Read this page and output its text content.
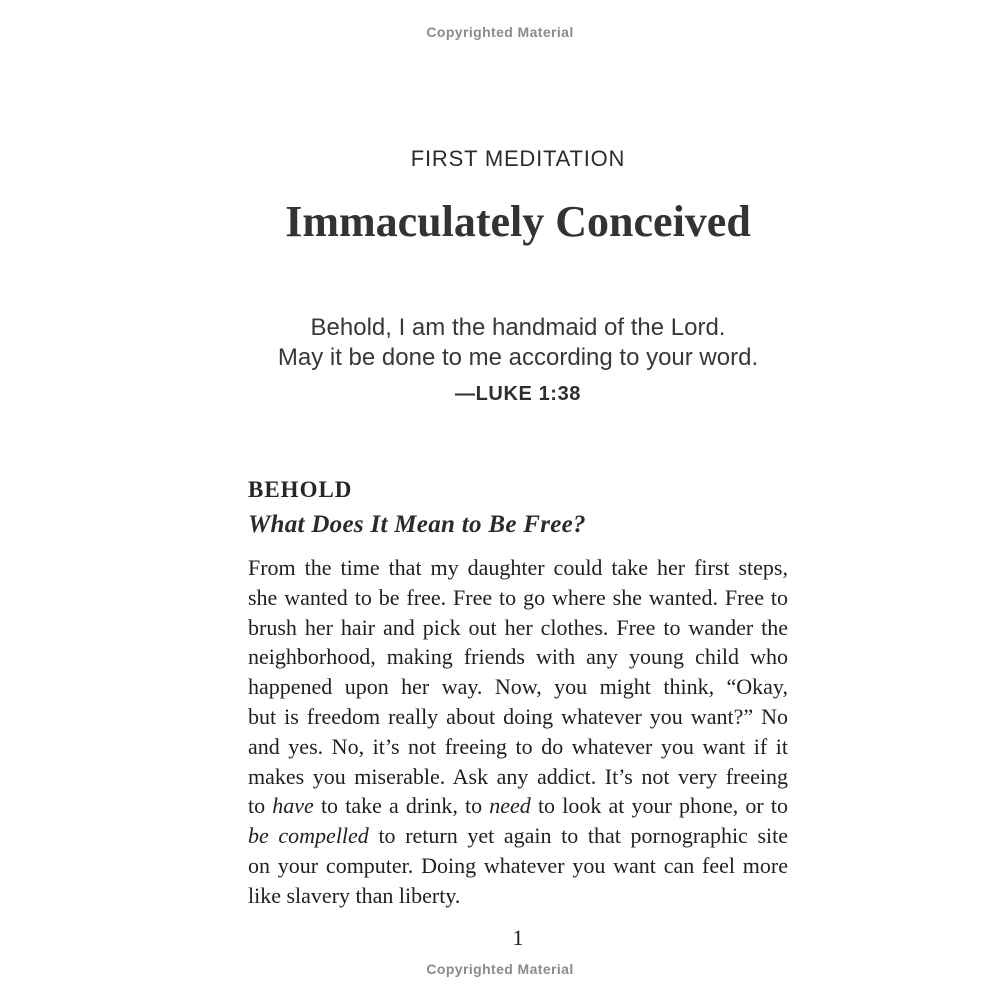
Copyrighted Material
FIRST MEDITATION
Immaculately Conceived
Behold, I am the handmaid of the Lord.
May it be done to me according to your word.
—LUKE 1:38
BEHOLD
What Does It Mean to Be Free?
From the time that my daughter could take her first steps,
she wanted to be free. Free to go where she wanted. Free to
brush her hair and pick out her clothes. Free to wander the
neighborhood, making friends with any young child who
happened upon her way. Now, you might think, “Okay,
but is freedom really about doing whatever you want?” No
and yes. No, it’s not freeing to do whatever you want if it
makes you miserable. Ask any addict. It’s not very freeing
to have to take a drink, to need to look at your phone, or to
be compelled to return yet again to that pornographic site
on your computer. Doing whatever you want can feel more
like slavery than liberty.
1
Copyrighted Material
